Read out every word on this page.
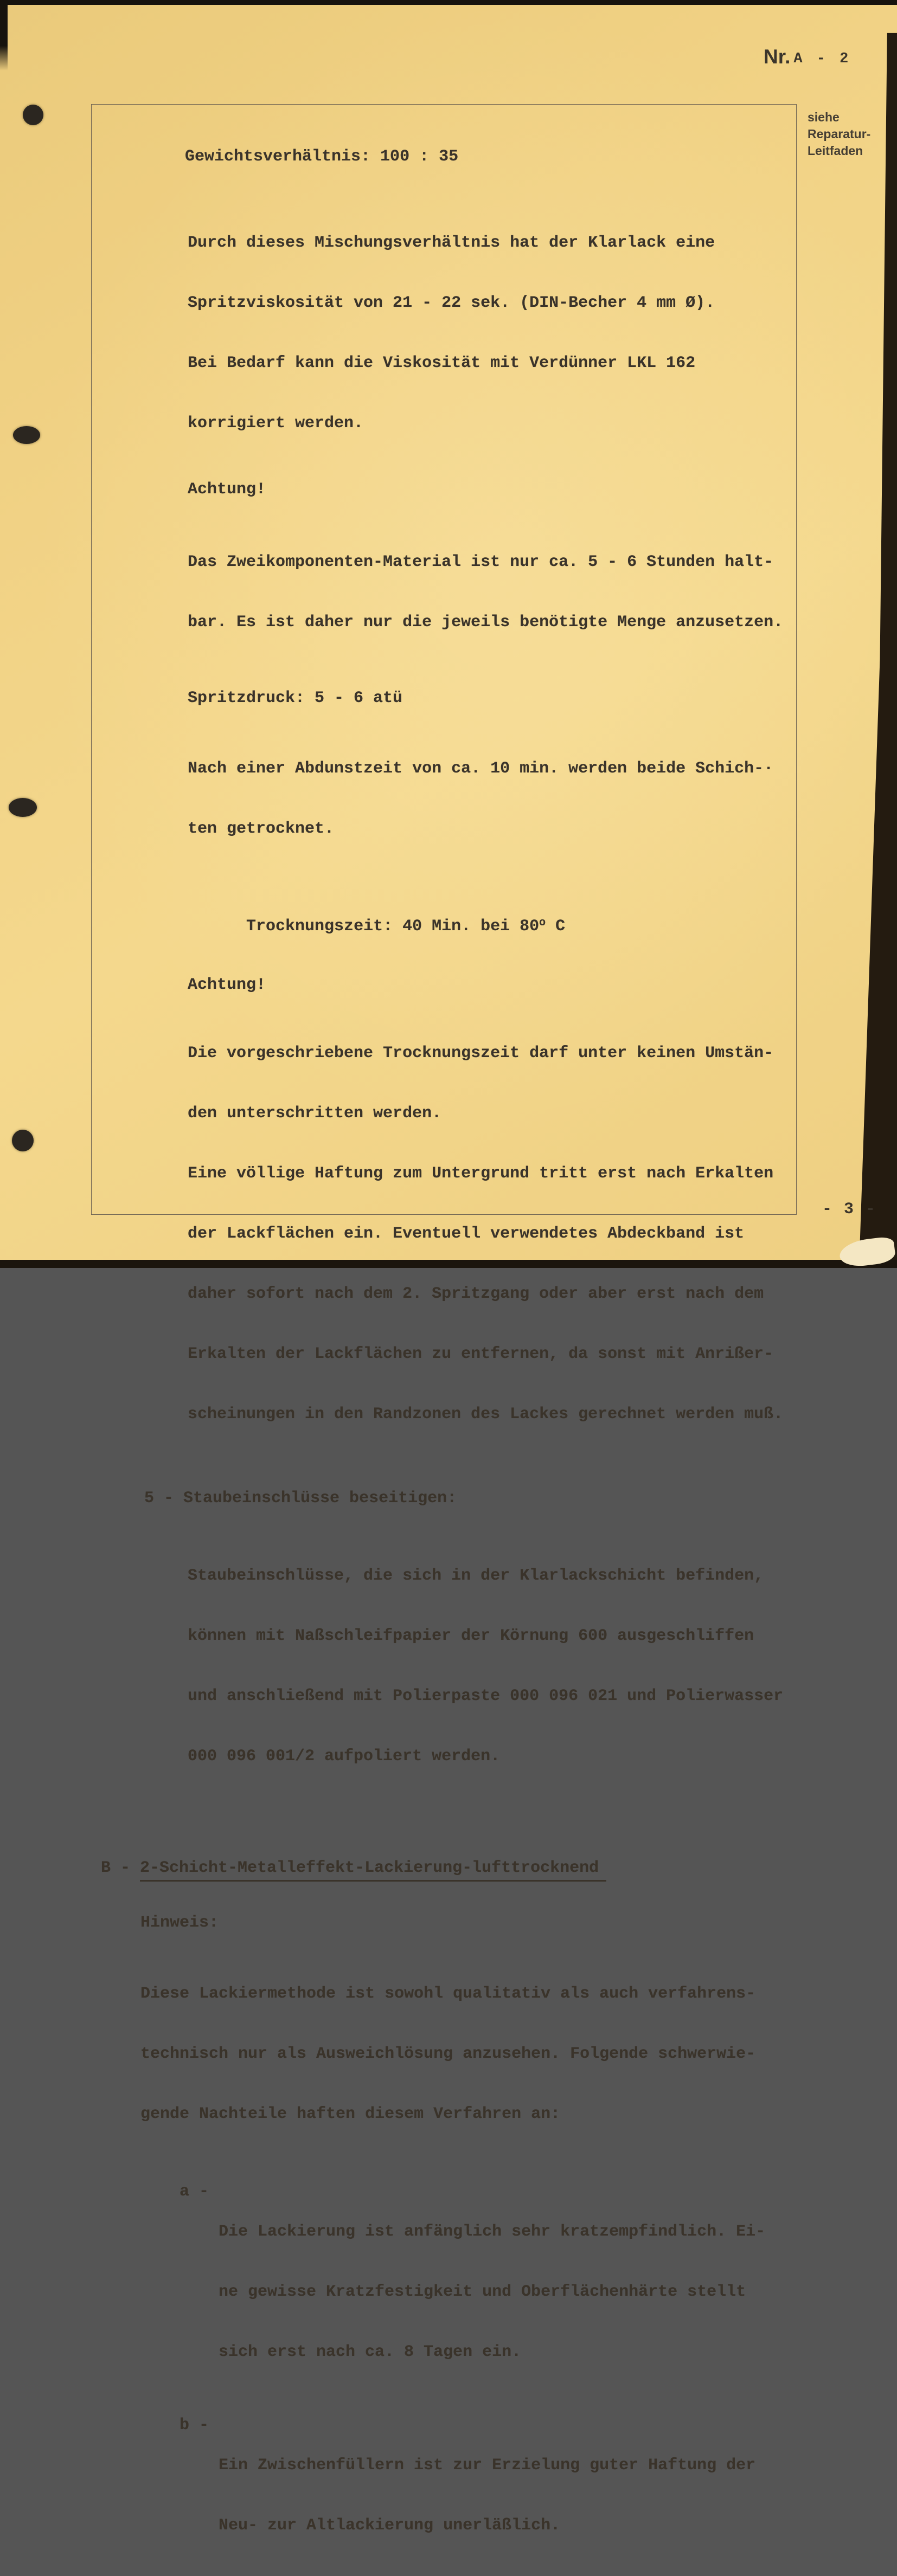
Nr. A - 2
siehe
Reparatur-
Leitfaden
Gewichtsverhältnis: 100 : 35

Durch dieses Mischungsverhältnis hat der Klarlack eine

Spritzviskosität von 21 - 22 sek. (DIN-Becher 4 mm Ø).

Bei Bedarf kann die Viskosität mit Verdünner LKL 162

korrigiert werden.

Achtung!

Das Zweikomponenten-Material ist nur ca. 5 - 6 Stunden halt-

bar. Es ist daher nur die jeweils benötigte Menge anzusetzen.

Spritzdruck: 5 - 6 atü

Nach einer Abdunstzeit von ca. 10 min. werden beide Schich-·

ten getrocknet.

Trocknungszeit: 40 Min. bei 80$^o$ C

Achtung!

Die vorgeschriebene Trocknungszeit darf unter keinen Umstän-

den unterschritten werden.

Eine völlige Haftung zum Untergrund tritt erst nach Erkalten

der Lackflächen ein. Eventuell verwendetes Abdeckband ist

daher sofort nach dem 2. Spritzgang oder aber erst nach dem

Erkalten der Lackflächen zu entfernen, da sonst mit Anrißer-

scheinungen in den Randzonen des Lackes gerechnet werden muß.

5 - Staubeinschlüsse beseitigen:

Staubeinschlüsse, die sich in der Klarlackschicht befinden,

können mit Naßschleifpapier der Körnung 600 ausgeschliffen

und anschließend mit Polierpaste 000 096 021 und Polierwasser

000 096 001/2 aufpoliert werden.

B - 2-Schicht-Metalleffekt-Lackierung-lufttrocknend
Hinweis:

Diese Lackiermethode ist sowohl qualitativ als auch verfahrens-

technisch nur als Ausweichlösung anzusehen. Folgende schwerwie-

gende Nachteile haften diesem Verfahren an:

a -

Die Lackierung ist anfänglich sehr kratzempfindlich. Ei-

ne gewisse Kratzfestigkeit und Oberflächenhärte stellt

sich erst nach ca. 8 Tagen ein.

b -

Ein Zwischenfüllern ist zur Erzielung guter Haftung der

Neu- zur Altlackierung unerläßlich.

- 3 -
